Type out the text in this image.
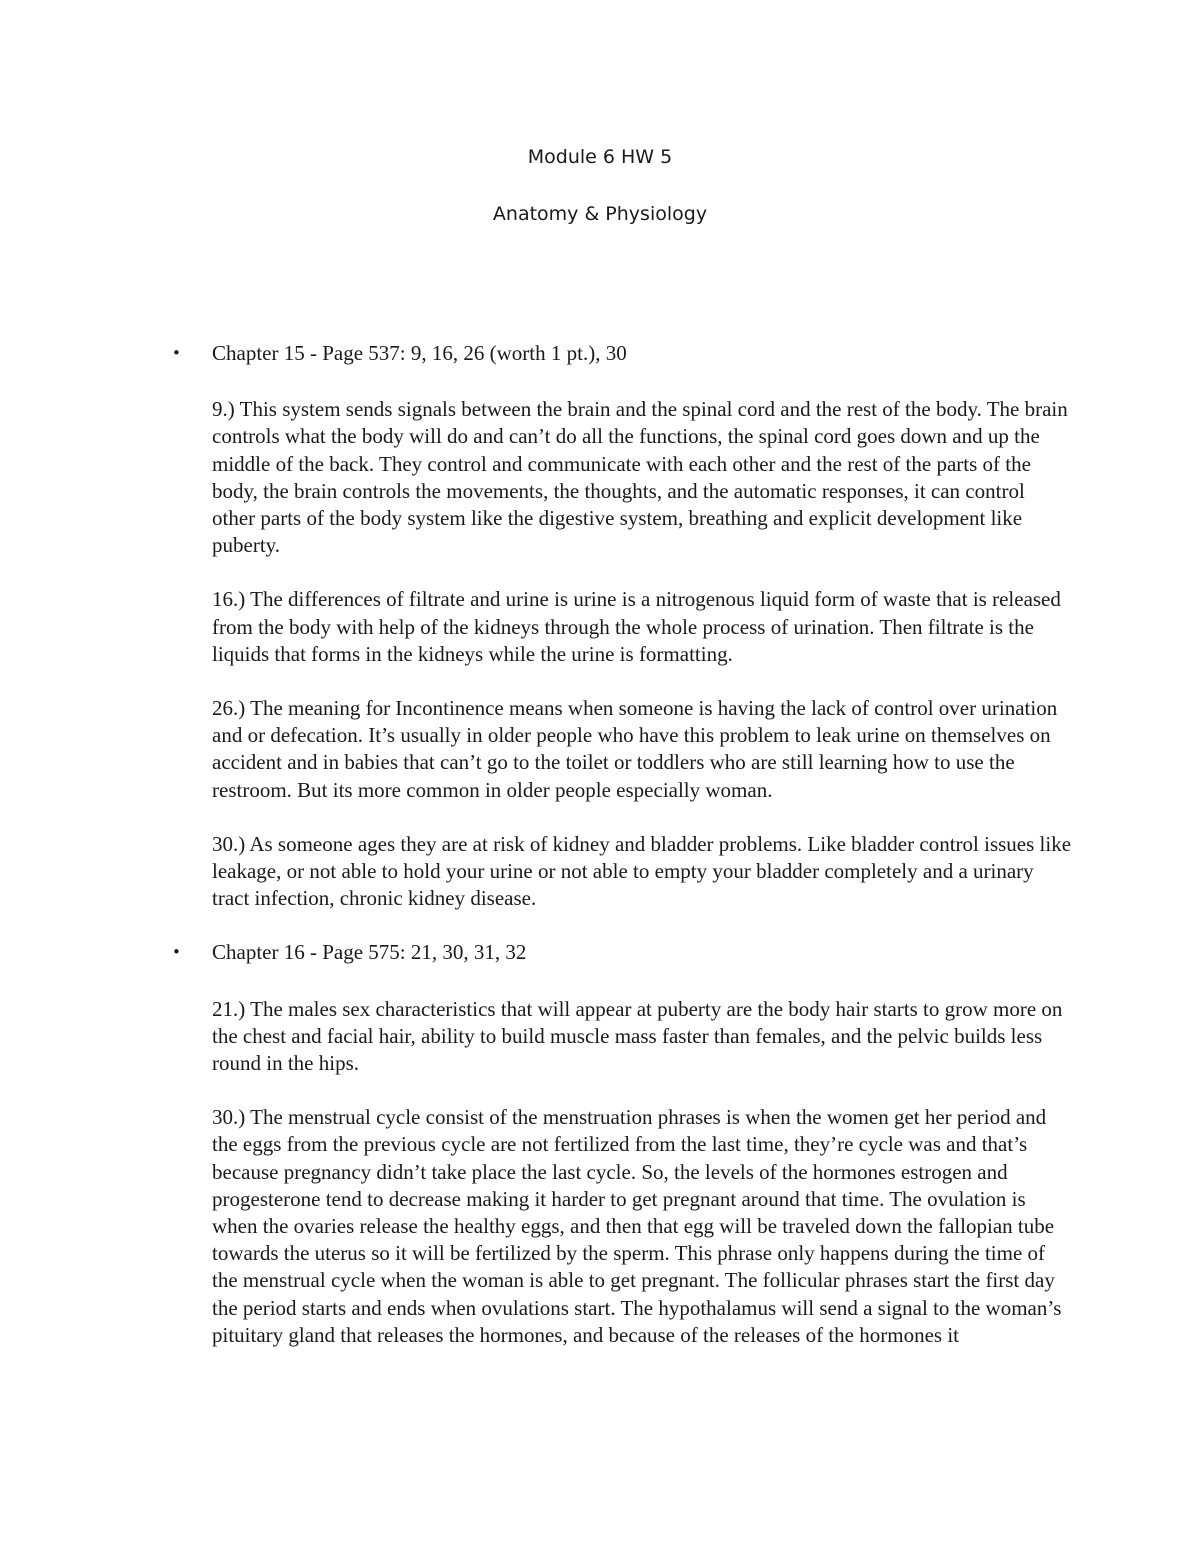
Module 6 HW 5
Anatomy & Physiology
• Chapter 15 - Page 537: 9, 16, 26 (worth 1 pt.), 30

9.) This system sends signals between the brain and the spinal cord and the rest of the body. The brain controls what the body will do and can’t do all the functions, the spinal cord goes down and up the middle of the back. They control and communicate with each other and the rest of the parts of the body, the brain controls the movements, the thoughts, and the automatic responses, it can control other parts of the body system like the digestive system, breathing and explicit development like puberty.

16.) The differences of filtrate and urine is urine is a nitrogenous liquid form of waste that is released from the body with help of the kidneys through the whole process of urination. Then filtrate is the liquids that forms in the kidneys while the urine is formatting.

26.) The meaning for Incontinence means when someone is having the lack of control over urination and or defecation. It’s usually in older people who have this problem to leak urine on themselves on accident and in babies that can’t go to the toilet or toddlers who are still learning how to use the restroom. But its more common in older people especially woman.

30.) As someone ages they are at risk of kidney and bladder problems. Like bladder control issues like leakage, or not able to hold your urine or not able to empty your bladder completely and a urinary tract infection, chronic kidney disease.

• Chapter 16 - Page 575: 21, 30, 31, 32

21.) The males sex characteristics that will appear at puberty are the body hair starts to grow more on the chest and facial hair, ability to build muscle mass faster than females, and the pelvic builds less round in the hips.

30.) The menstrual cycle consist of the menstruation phrases is when the women get her period and the eggs from the previous cycle are not fertilized from the last time, they’re cycle was and that’s because pregnancy didn’t take place the last cycle. So, the levels of the hormones estrogen and progesterone tend to decrease making it harder to get pregnant around that time. The ovulation is when the ovaries release the healthy eggs, and then that egg will be traveled down the fallopian tube towards the uterus so it will be fertilized by the sperm. This phrase only happens during the time of the menstrual cycle when the woman is able to get pregnant. The follicular phrases start the first day the period starts and ends when ovulations start. The hypothalamus will send a signal to the woman’s pituitary gland that releases the hormones, and because of the releases of the hormones it
